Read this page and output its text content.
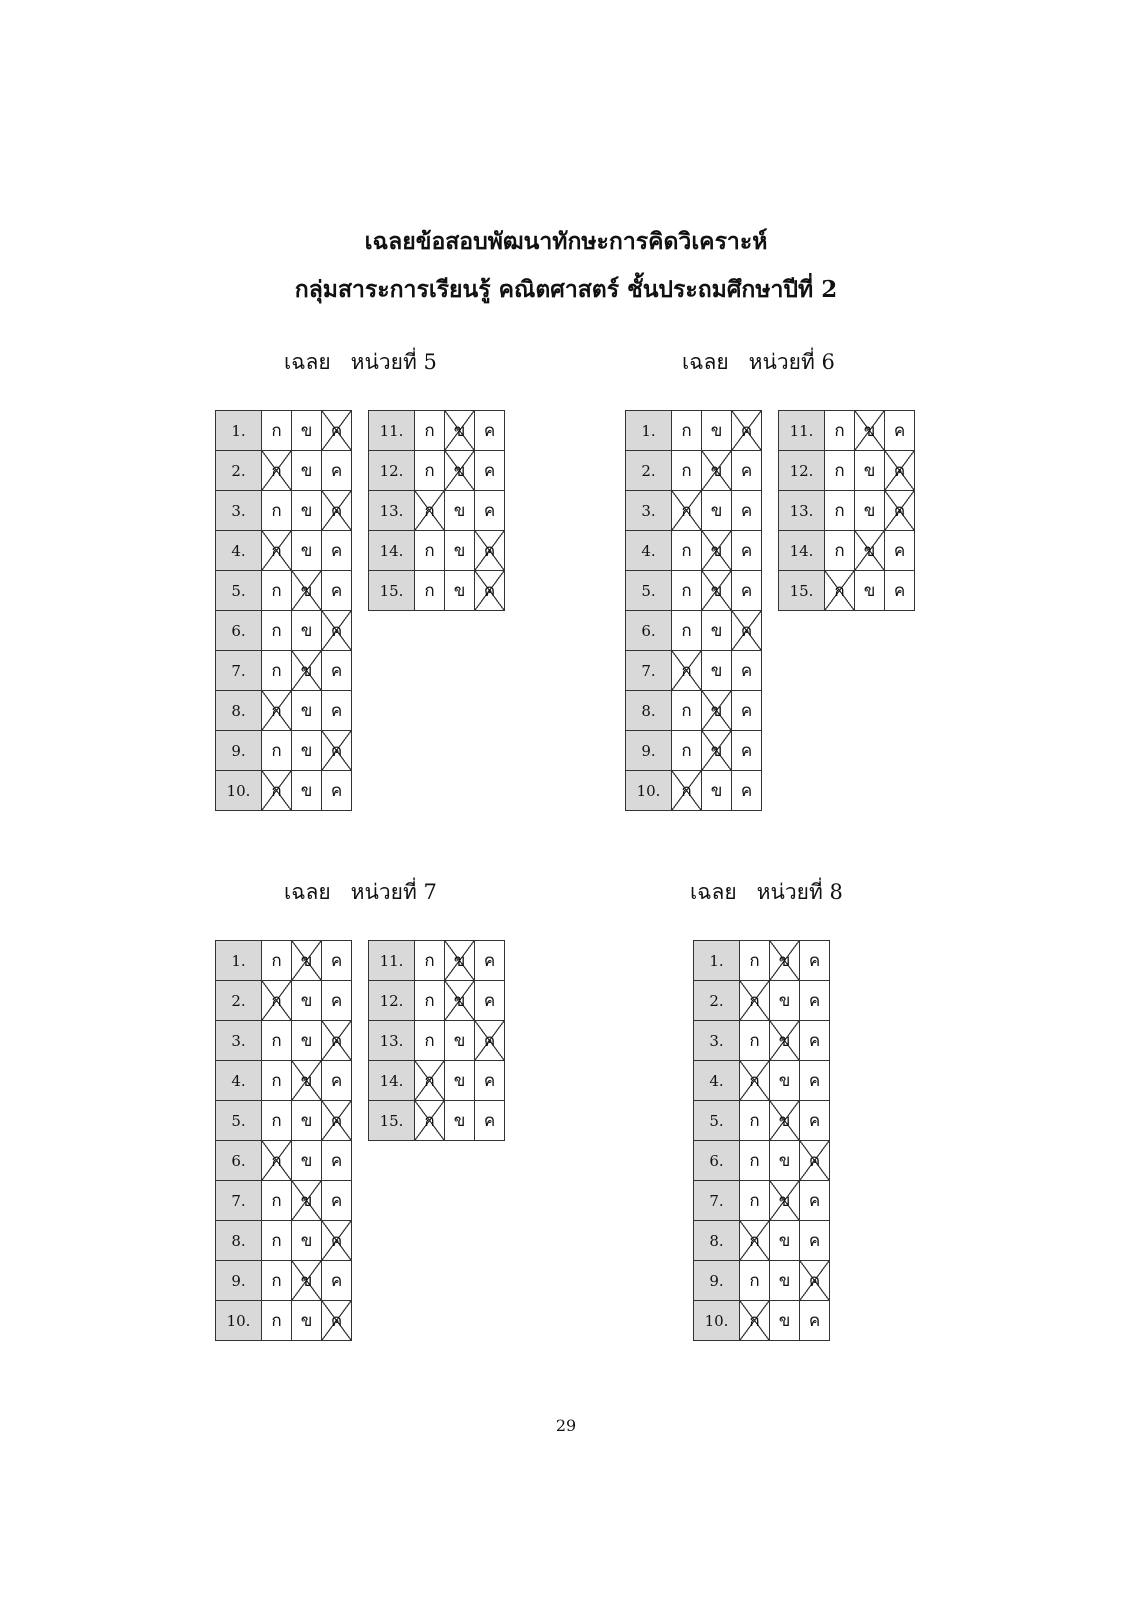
เฉลยข้อสอบพัฒนาทักษะการคิดวิเคราะห์
กลุ่มสาระการเรียนรู้ คณิตศาสตร์ ชั้นประถมศึกษาปีที่ 2
เฉลย หน่วยที่ 5
1.	ก	ข	ค
2.	ก	ข	ค
3.	ก	ข	ค
4.	ก	ข	ค
5.	ก	ข	ค
6.	ก	ข	ค
7.	ก	ข	ค
8.	ก	ข	ค
9.	ก	ข	ค
10.	ก	ข	ค
11.	ก	ข	ค
12.	ก	ข	ค
13.	ก	ข	ค
14.	ก	ข	ค
15.	ก	ข	ค
เฉลย หน่วยที่ 6
1.	ก	ข	ค
2.	ก	ข	ค
3.	ก	ข	ค
4.	ก	ข	ค
5.	ก	ข	ค
6.	ก	ข	ค
7.	ก	ข	ค
8.	ก	ข	ค
9.	ก	ข	ค
10.	ก	ข	ค
11.	ก	ข	ค
12.	ก	ข	ค
13.	ก	ข	ค
14.	ก	ข	ค
15.	ก	ข	ค
เฉลย หน่วยที่ 7
1.	ก	ข	ค
2.	ก	ข	ค
3.	ก	ข	ค
4.	ก	ข	ค
5.	ก	ข	ค
6.	ก	ข	ค
7.	ก	ข	ค
8.	ก	ข	ค
9.	ก	ข	ค
10.	ก	ข	ค
11.	ก	ข	ค
12.	ก	ข	ค
13.	ก	ข	ค
14.	ก	ข	ค
15.	ก	ข	ค
เฉลย หน่วยที่ 8
1.	ก	ข	ค
2.	ก	ข	ค
3.	ก	ข	ค
4.	ก	ข	ค
5.	ก	ข	ค
6.	ก	ข	ค
7.	ก	ข	ค
8.	ก	ข	ค
9.	ก	ข	ค
10.	ก	ข	ค
29
